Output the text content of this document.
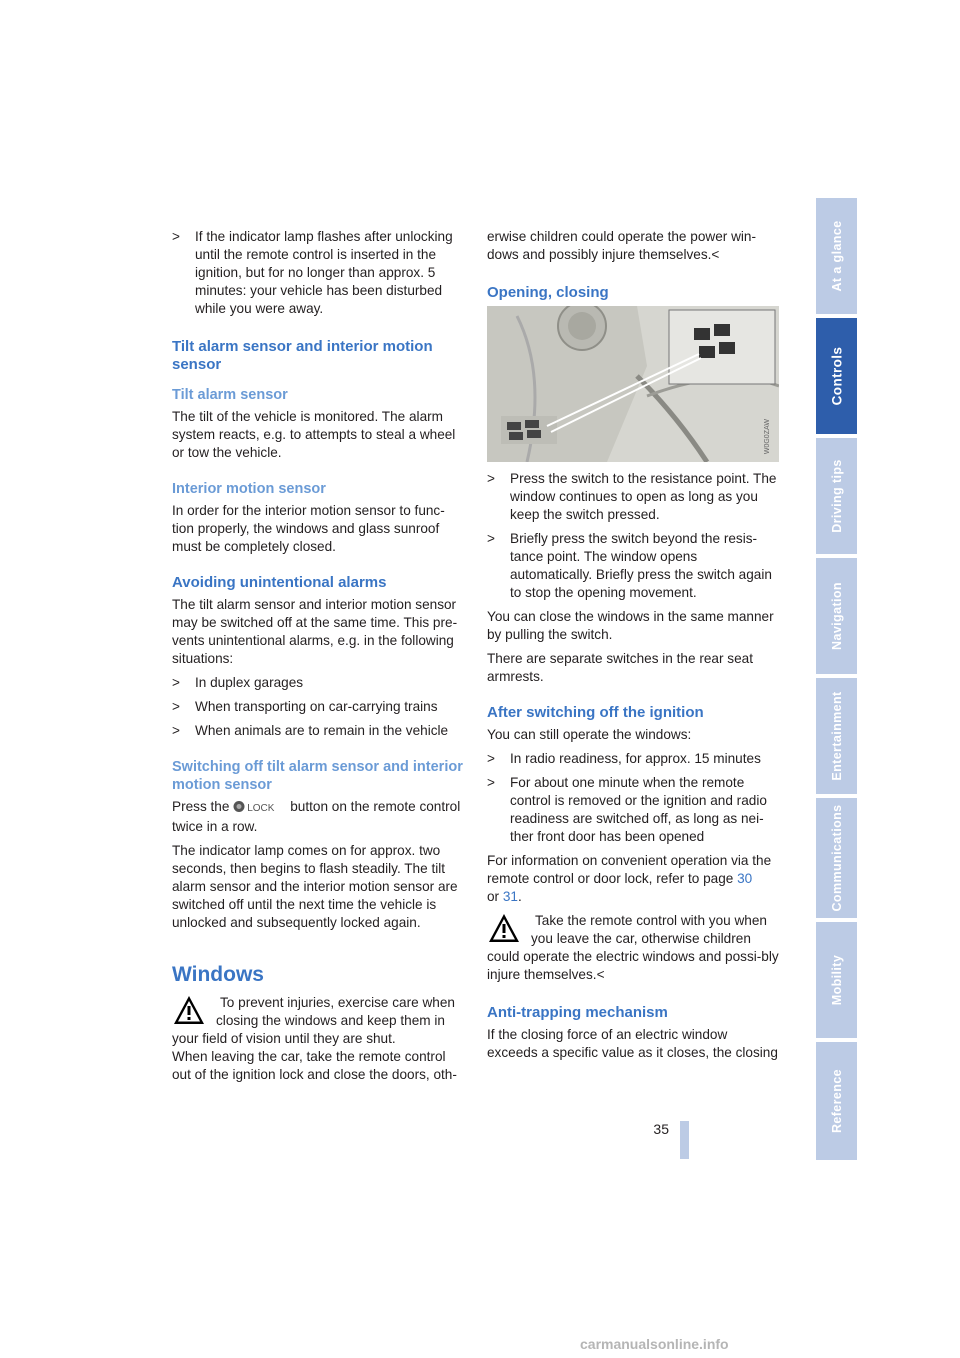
> If the indicator lamp flashes after unlocking until the remote control is inserted in the ignition, but for no longer than approx. 5 minutes: your vehicle has been disturbed while you were away.
Tilt alarm sensor and interior motion sensor
Tilt alarm sensor

The tilt of the vehicle is monitored. The alarm system reacts, e.g. to attempts to steal a wheel or tow the vehicle.

Interior motion sensor

In order for the interior motion sensor to func-tion properly, the windows and glass sunroof must be completely closed.

Avoiding unintentional alarms

The tilt alarm sensor and interior motion sensor may be switched off at the same time. This pre-vents unintentional alarms, e.g. in the following situations:

> In duplex garages
> When transporting on car-carrying trains
> When animals are to remain in the vehicle
Switching off tilt alarm sensor and interior motion sensor

Press the LOCK button on the remote control twice in a row.

The indicator lamp comes on for approx. two seconds, then begins to flash steadily. The tilt alarm sensor and the interior motion sensor are switched off until the next time the vehicle is unlocked and subsequently locked again.

Windows
To prevent injuries, exercise care when closing the windows and keep them in your field of vision until they are shut.
When leaving the car, take the remote control out of the ignition lock and close the doors, oth-

erwise children could operate the power win-dows and possibly injure themselves.<

Opening, closing
W0G0ZAW
> Press the switch to the resistance point. The window continues to open as long as you keep the switch pressed.
> Briefly press the switch beyond the resis-tance point. The window opens automatically. Briefly press the switch again to stop the opening movement.

You can close the windows in the same manner by pulling the switch.

There are separate switches in the rear seat armrests.

After switching off the ignition

You can still operate the windows:

> In radio readiness, for approx. 15 minutes
> For about one minute when the remote control is removed or the ignition and radio readiness are switched off, as long as nei-ther front door has been opened

For information on convenient operation via the remote control or door lock, refer to page 30
or 31.

Take the remote control with you when you leave the car, otherwise children could operate the electric windows and possi-bly injure themselves.<
Anti-trapping mechanism

If the closing force of an electric window exceeds a specific value as it closes, the closing

At a glance
Controls
Driving tips
Navigation
Entertainment
Communications
Mobility
Reference
35
carmanualsonline.info
